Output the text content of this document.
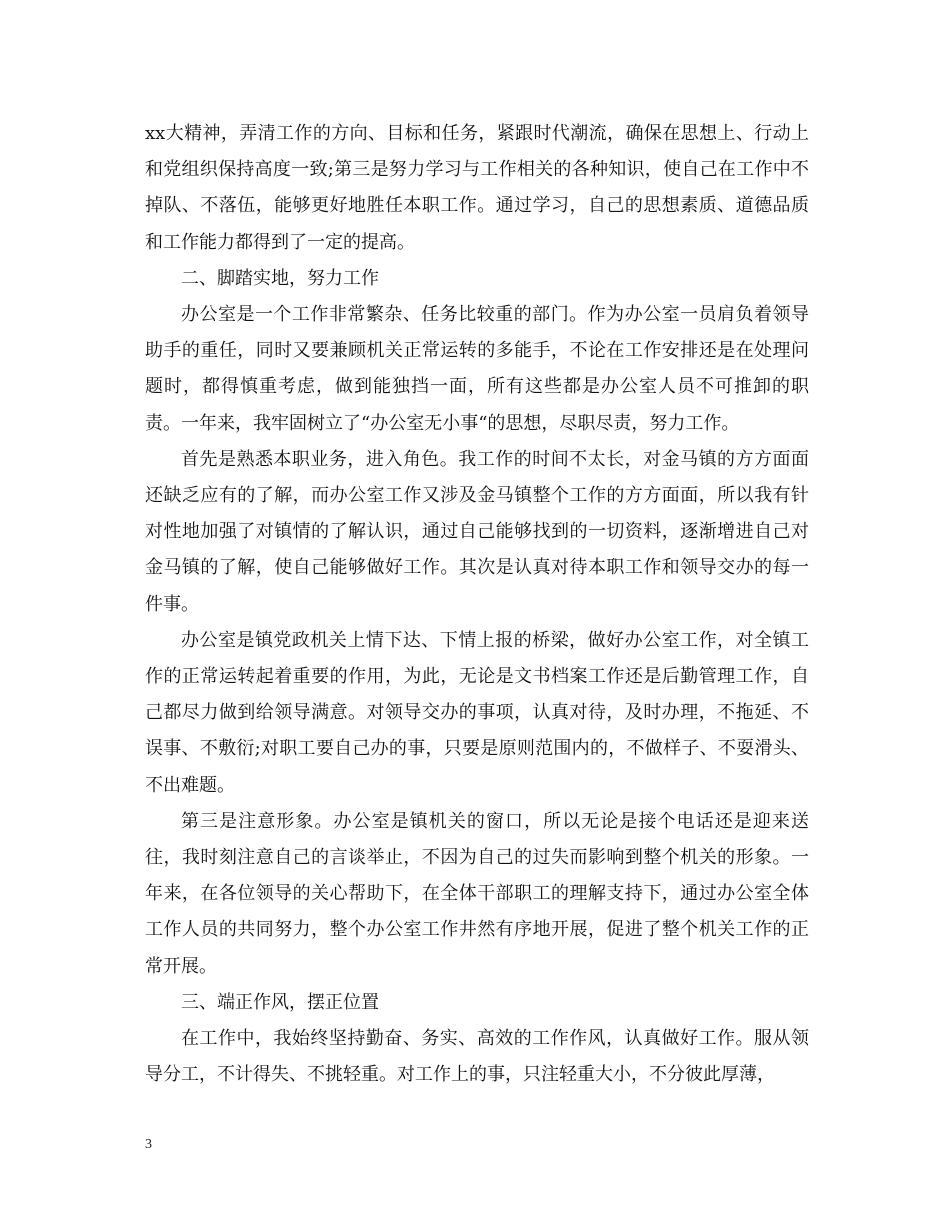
xx大精神，弄清工作的方向、目标和任务，紧跟时代潮流，确保在思想上、行动上和党组织保持高度一致;第三是努力学习与工作相关的各种知识，使自己在工作中不掉队、不落伍，能够更好地胜任本职工作。通过学习，自己的思想素质、道德品质和工作能力都得到了一定的提高。

二、脚踏实地，努力工作

办公室是一个工作非常繁杂、任务比较重的部门。作为办公室一员肩负着领导助手的重任，同时又要兼顾机关正常运转的多能手，不论在工作安排还是在处理问题时，都得慎重考虑，做到能独挡一面，所有这些都是办公室人员不可推卸的职责。一年来，我牢固树立了“办公室无小事“的思想，尽职尽责，努力工作。

首先是熟悉本职业务，进入角色。我工作的时间不太长，对金马镇的方方面面还缺乏应有的了解，而办公室工作又涉及金马镇整个工作的方方面面，所以我有针对性地加强了对镇情的了解认识，通过自己能够找到的一切资料，逐渐增进自己对金马镇的了解，使自己能够做好工作。其次是认真对待本职工作和领导交办的每一件事。

办公室是镇党政机关上情下达、下情上报的桥梁，做好办公室工作，对全镇工作的正常运转起着重要的作用，为此，无论是文书档案工作还是后勤管理工作，自己都尽力做到给领导满意。对领导交办的事项，认真对待，及时办理，不拖延、不误事、不敷衍;对职工要自己办的事，只要是原则范围内的，不做样子、不耍滑头、不出难题。

第三是注意形象。办公室是镇机关的窗口，所以无论是接个电话还是迎来送往，我时刻注意自己的言谈举止，不因为自己的过失而影响到整个机关的形象。一年来，在各位领导的关心帮助下，在全体干部职工的理解支持下，通过办公室全体工作人员的共同努力，整个办公室工作井然有序地开展，促进了整个机关工作的正常开展。

三、端正作风，摆正位置

在工作中，我始终坚持勤奋、务实、高效的工作作风，认真做好工作。服从领导分工，不计得失、不挑轻重。对工作上的事，只注轻重大小，不分彼此厚薄，

3
